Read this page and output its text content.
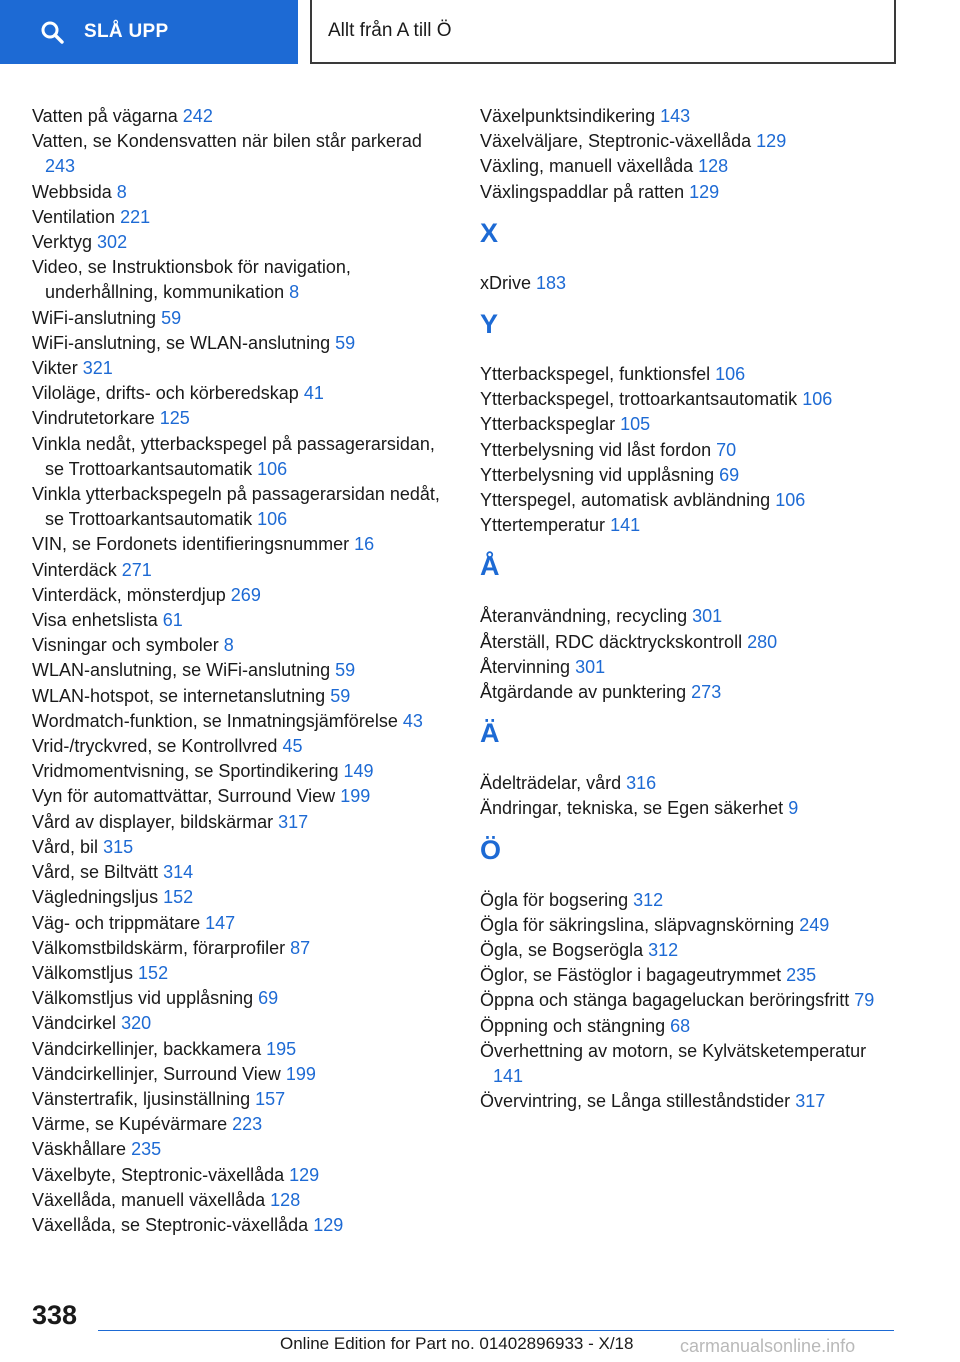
SLÅ UPP	Allt från A till Ö
Vatten på vägarna 242
Vatten, se Kondensvatten när bilen står parkerad 243
Webbsida 8
Ventilation 221
Verktyg 302
Video, se Instruktionsbok för navigation, underhållning, kommunikation 8
WiFi-anslutning 59
WiFi-anslutning, se WLAN-anslutning 59
Vikter 321
Viloläge, drifts- och körberedskap 41
Vindrutetorkare 125
Vinkla nedåt, ytterbackspegel på passagerarsidan, se Trottoarkantsautomatik 106
Vinkla ytterbackspegeln på passagerarsidan nedåt, se Trottoarkantsautomatik 106
VIN, se Fordonets identifieringsnummer 16
Vinterdäck 271
Vinterdäck, mönsterdjup 269
Visa enhetslista 61
Visningar och symboler 8
WLAN-anslutning, se WiFi-anslutning 59
WLAN-hotspot, se internetanslutning 59
Wordmatch-funktion, se Inmatningsjämförelse 43
Vrid-/tryckvred, se Kontrollvred 45
Vridmomentvisning, se Sportindikering 149
Vyn för automattvättar, Surround View 199
Vård av displayer, bildskärmar 317
Vård, bil 315
Vård, se Biltvätt 314
Vägledningsljus 152
Väg- och trippmätare 147
Välkomstbildskärm, förarprofiler 87
Välkomstljus 152
Välkomstljus vid upplåsning 69
Vändcirkel 320
Vändcirkellinjer, backkamera 195
Vändcirkellinjer, Surround View 199
Vänstertrafik, ljusinställning 157
Värme, se Kupévärmare 223
Väskhållare 235
Växelbyte, Steptronic-växellåda 129
Växellåda, manuell växellåda 128
Växellåda, se Steptronic-växellåda 129
Växelpunktsindikering 143
Växelväljare, Steptronic-växellåda 129
Växling, manuell växellåda 128
Växlingspaddlar på ratten 129
X
xDrive 183
Y
Ytterbackspegel, funktionsfel 106
Ytterbackspegel, trottoarkantsautomatik 106
Ytterbackspeglar 105
Ytterbelysning vid låst fordon 70
Ytterbelysning vid upplåsning 69
Ytterspegel, automatisk avbländning 106
Yttertemperatur 141
Å
Återanvändning, recycling 301
Återställ, RDC däcktryckskontroll 280
Återvinning 301
Åtgärdande av punktering 273
Ä
Ädelträdelar, vård 316
Ändringar, tekniska, se Egen säkerhet 9
Ö
Ögla för bogsering 312
Ögla för säkringslina, släpvagnskörning 249
Ögla, se Bogserögla 312
Öglor, se Fästöglor i bagageutrymmet 235
Öppna och stänga bagageluckan beröringsfritt 79
Öppning och stängning 68
Överhettning av motorn, se Kylvätsketemperatur 141
Övervintring, se Långa stilleståndstider 317
338
Online Edition for Part no. 01402896933 - X/18	carmanualsonline.info
